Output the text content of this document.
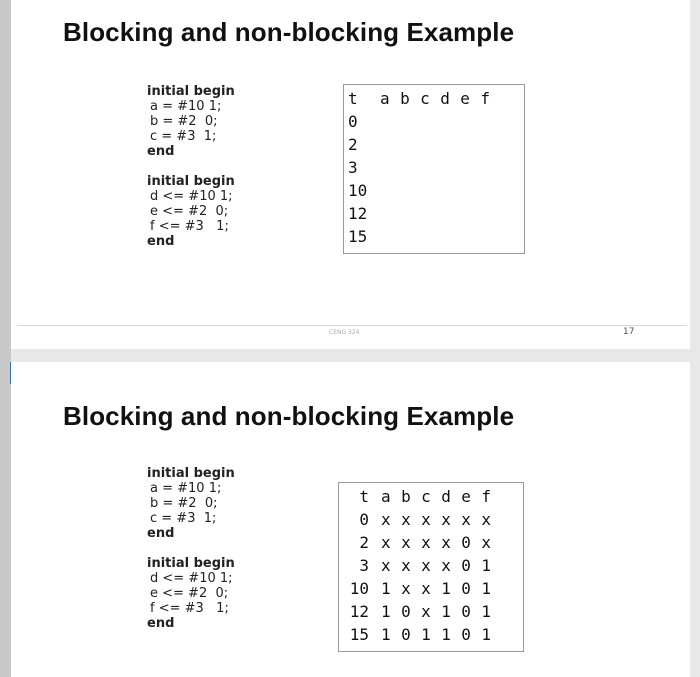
Blocking and non-blocking Example
initial begin
a = #10 1;
b = #2  0;
c = #3  1;
end
initial begin
d <= #10 1;
e <= #2  0;
f <= #3   1;
end
t	a b c d e f
0
2
3
10
12
15
CENG 324	17
Blocking and non-blocking Example
initial begin
a = #10 1;
b = #2  0;
c = #3  1;
end
initial begin
d <= #10 1;
e <= #2  0;
f <= #3   1;
end
t a b c d e f
0 x x x x x x
2 x x x x 0 x
3 x x x x 0 1
10 1 x x 1 0 1
12 1 0 x 1 0 1
15 1 0 1 1 0 1
